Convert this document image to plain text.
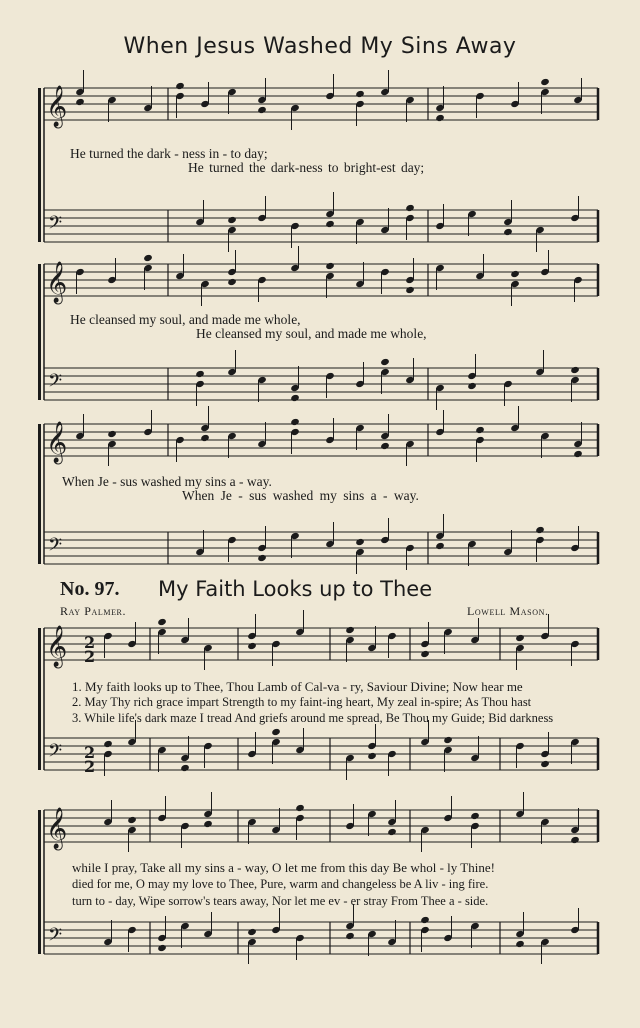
𝄞
𝄢
𝄞
𝄢
𝄞
𝄢
𝄞
𝄢
2
2
2
2
𝄞
𝄢
When Jesus Washed My Sins Away
He turned the dark - ness in - to day;
He turned the dark-ness to bright-est day;
He cleansed my soul, and made me whole,
He cleansed my soul, and made me whole,
When Je - sus washed my sins a - way.
When Je - sus washed my sins a - way.
No. 97. My Faith Looks up to Thee
Ray Palmer.	Lowell Mason.
1. My faith looks up to Thee, Thou Lamb of Cal-va - ry, Saviour Divine; Now hear me
2. May Thy rich grace impart Strength to my faint-ing heart, My zeal in-spire; As Thou hast
3. While life's dark maze I tread And griefs around me spread, Be Thou my Guide; Bid darkness
while I pray, Take all my sins a - way, O let me from this day Be whol - ly Thine!
died for me, O may my love to Thee, Pure, warm and changeless be A liv - ing fire.
turn to - day, Wipe sorrow's tears away, Nor let me ev - er stray From Thee a - side.
